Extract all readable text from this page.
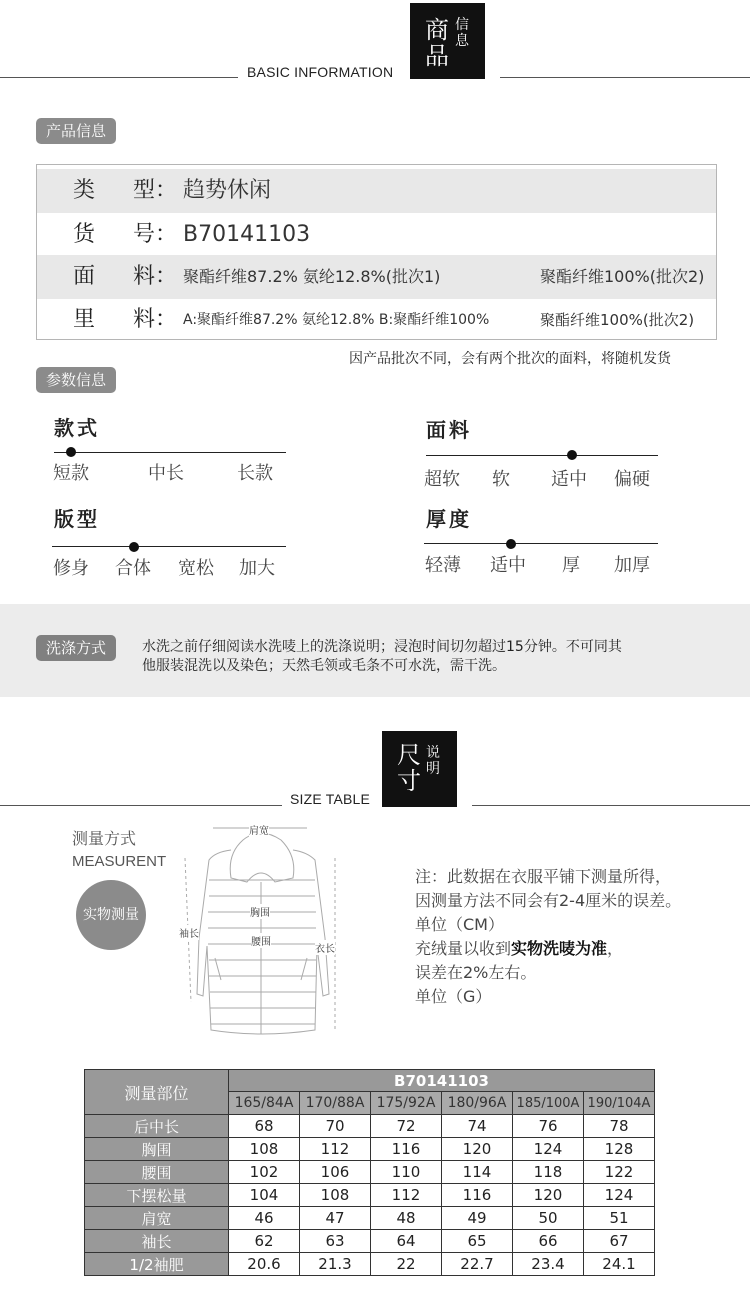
商品
信息
BASIC INFORMATION
产品信息
类 型： 趋势休闲
货 号： B70141103
面 料： 聚酯纤维87.2% 氨纶12.8%(批次1)	聚酯纤维100%(批次2)
里 料： A:聚酯纤维87.2% 氨纶12.8% B:聚酯纤维100%	聚酯纤维100%(批次2)
因产品批次不同，会有两个批次的面料，将随机发货
参数信息
款式
短款	中长	长款
面料
超软 软 适中 偏硬
版型
修身 合体 宽松 加大
厚度
轻薄 适中 厚 加厚
洗涤方式	水洗之前仔细阅读水洗唛上的洗涤说明；浸泡时间切勿超过15分钟。不可同其
他服装混洗以及染色；天然毛领或毛条不可水洗，需干洗。
尺
寸
说明
SIZE TABLE
测量方式
MEASURENT
实物测量
肩宽
胸围
腰围
袖长
衣长
注：此数据在衣服平铺下测量所得，
因测量方法不同会有2-4厘米的误差。
单位（CM）
充绒量以收到实物洗唛为准，
误差在2%左右。
单位（G）
测量部位	B70141103					
	165/84A	170/88A	175/92A	180/96A	185/100A	190/104A
后中长	68	70	72	74	76	78
胸围	108	112	116	120	124	128
腰围	102	106	110	114	118	122
下摆松量	104	108	112	116	120	124
肩宽	46	47	48	49	50	51
袖长	62	63	64	65	66	67
1/2袖肥	20.6	21.3	22	22.7	23.4	24.1
